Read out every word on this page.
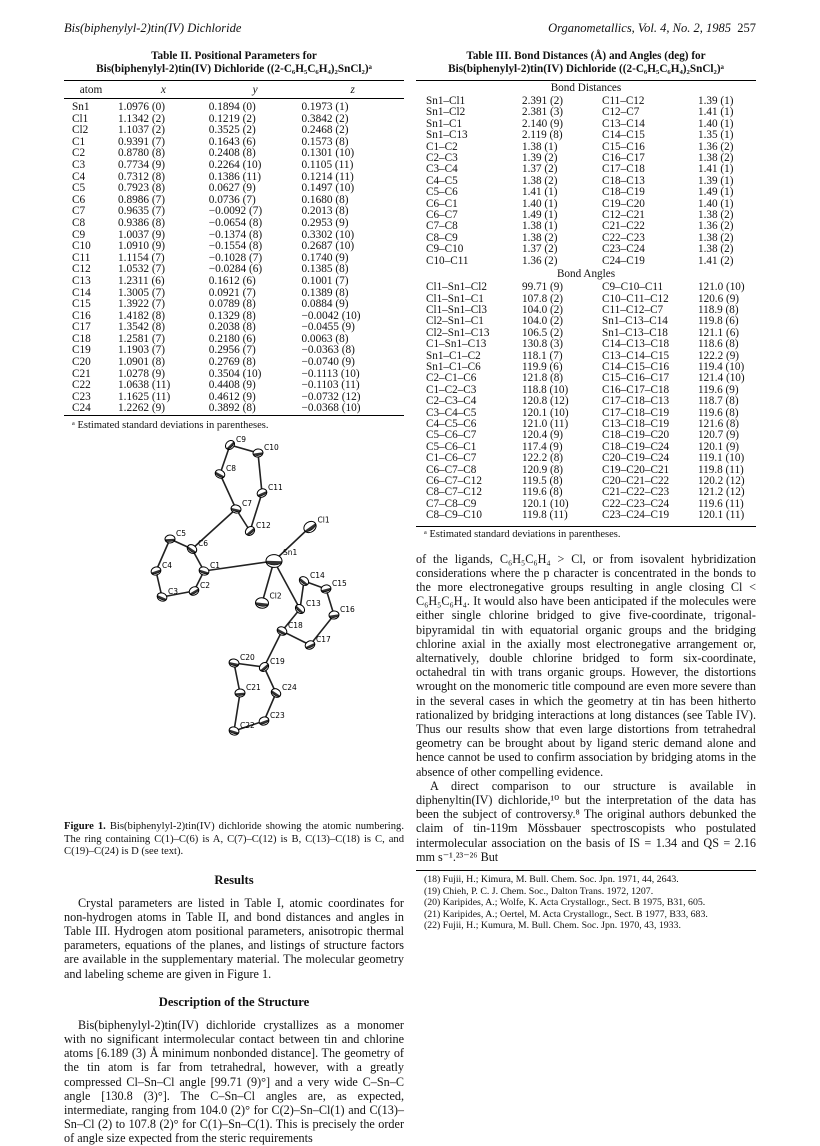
Bis(biphenylyl-2)tin(IV) Dichloride	Organometallics, Vol. 4, No. 2, 1985 257
Table II. Positional Parameters for
Bis(biphenylyl-2)tin(IV) Dichloride ((2-C₆H₅C₆H₄)₂SnCl₂)ᵃ
atom	x	y	z
Sn1	1.0976 (0)	0.1894 (0)	0.1973 (1)
Cl1	1.1342 (2)	0.1219 (2)	0.3842 (2)
Cl2	1.1037 (2)	0.3525 (2)	0.2468 (2)
C1	0.9391 (7)	0.1643 (6)	0.1573 (8)
C2	0.8780 (8)	0.2408 (8)	0.1301 (10)
C3	0.7734 (9)	0.2264 (10)	0.1105 (11)
C4	0.7312 (8)	0.1386 (11)	0.1214 (11)
C5	0.7923 (8)	0.0627 (9)	0.1497 (10)
C6	0.8986 (7)	0.0736 (7)	0.1680 (8)
C7	0.9635 (7)	−0.0092 (7)	0.2013 (8)
C8	0.9386 (8)	−0.0654 (8)	0.2953 (9)
C9	1.0037 (9)	−0.1374 (8)	0.3302 (10)
C10	1.0910 (9)	−0.1554 (8)	0.2687 (10)
C11	1.1154 (7)	−0.1028 (7)	0.1740 (9)
C12	1.0532 (7)	−0.0284 (6)	0.1385 (8)
C13	1.2311 (6)	0.1612 (6)	0.1001 (7)
C14	1.3005 (7)	0.0921 (7)	0.1389 (8)
C15	1.3922 (7)	0.0789 (8)	0.0884 (9)
C16	1.4182 (8)	0.1329 (8)	−0.0042 (10)
C17	1.3542 (8)	0.2038 (8)	−0.0455 (9)
C18	1.2581 (7)	0.2180 (6)	0.0063 (8)
C19	1.1903 (7)	0.2956 (7)	−0.0363 (8)
C20	1.0901 (8)	0.2769 (8)	−0.0740 (9)
C21	1.0278 (9)	0.3504 (10)	−0.1113 (10)
C22	1.0638 (11)	0.4408 (9)	−0.1103 (11)
C23	1.1625 (11)	0.4612 (9)	−0.0732 (12)
C24	1.2262 (9)	0.3892 (8)	−0.0368 (10)

ᵃ Estimated standard deviations in parentheses.
C9
C10
C8
C11
C7
C12
C5
C6
C4	C1
Cl1
Sn1
C14
C15
C3
C2
Cl2
C13
C16
C18
C17
C20 C19
C21	C24
C23
C22
Figure 1. Bis(biphenylyl-2)tin(IV) dichloride showing the atomic numbering. The ring containing C(1)–C(6) is A, C(7)–C(12) is B, C(13)–C(18) is C, and C(19)–C(24) is D (see text).
Results

Crystal parameters are listed in Table I, atomic coordinates for non-hydrogen atoms in Table II, and bond distances and angles in Table III. Hydrogen atom positional parameters, anisotropic thermal parameters, equations of the planes, and listings of structure factors are available in the supplementary material. The molecular geometry and labeling scheme are given in Figure 1.

Description of the Structure

Bis(biphenylyl-2)tin(IV) dichloride crystallizes as a monomer with no significant intermolecular contact between tin and chlorine atoms [6.189 (3) Å minimum nonbonded distance]. The geometry of the tin atom is far from tetrahedral, however, with a greatly compressed Cl–Sn–Cl angle [99.71 (9)°] and a very wide C–Sn–C angle [130.8 (3)°]. The C–Sn–Cl angles are, as expected, intermediate, ranging from 104.0 (2)° for C(2)–Sn–Cl(1) and C(13)–Sn–Cl (2) to 107.8 (2)° for C(1)–Sn–C(1). This is precisely the order of angle size expected from the steric requirements

Table III. Bond Distances (Å) and Angles (deg) for
Bis(biphenylyl-2)tin(IV) Dichloride ((2-C₆H₅C₆H₄)₂SnCl₂)ᵃ
Bond Distances			
Sn1–Cl1	2.391 (2)	C11–C12	1.39 (1)
Sn1–Cl2	2.381 (3)	C12–C7	1.41 (1)
Sn1–C1	2.140 (9)	C13–C14	1.40 (1)
Sn1–C13	2.119 (8)	C14–C15	1.35 (1)
C1–C2	1.38 (1)	C15–C16	1.36 (2)
C2–C3	1.39 (2)	C16–C17	1.38 (2)
C3–C4	1.37 (2)	C17–C18	1.41 (1)
C4–C5	1.38 (2)	C18–C13	1.39 (1)
C5–C6	1.41 (1)	C18–C19	1.49 (1)
C6–C1	1.40 (1)	C19–C20	1.40 (1)
C6–C7	1.49 (1)	C12–C21	1.38 (2)
C7–C8	1.38 (1)	C21–C22	1.36 (2)
C8–C9	1.38 (2)	C22–C23	1.38 (2)
C9–C10	1.37 (2)	C23–C24	1.38 (2)
C10–C11	1.36 (2)	C24–C19	1.41 (2)
Bond Angles			
Cl1–Sn1–Cl2	99.71 (9)	C9–C10–C11	121.0 (10)
Cl1–Sn1–C1	107.8 (2)	C10–C11–C12	120.6 (9)
Cl1–Sn1–Cl3	104.0 (2)	C11–C12–C7	118.9 (8)
Cl2–Sn1–C1	104.0 (2)	Sn1–C13–C14	119.8 (6)
Cl2–Sn1–C13	106.5 (2)	Sn1–C13–C18	121.1 (6)
C1–Sn1–C13	130.8 (3)	C14–C13–C18	118.6 (8)
Sn1–C1–C2	118.1 (7)	C13–C14–C15	122.2 (9)
Sn1–C1–C6	119.9 (6)	C14–C15–C16	119.4 (10)
C2–C1–C6	121.8 (8)	C15–C16–C17	121.4 (10)
C1–C2–C3	118.8 (10)	C16–C17–C18	119.6 (9)
C2–C3–C4	120.8 (12)	C17–C18–C13	118.7 (8)
C3–C4–C5	120.1 (10)	C17–C18–C19	119.6 (8)
C4–C5–C6	121.0 (11)	C13–C18–C19	121.6 (8)
C5–C6–C7	120.4 (9)	C18–C19–C20	120.7 (9)
C5–C6–C1	117.4 (9)	C18–C19–C24	120.1 (9)
C1–C6–C7	122.2 (8)	C20–C19–C24	119.1 (10)
C6–C7–C8	120.9 (8)	C19–C20–C21	119.8 (11)
C6–C7–C12	119.5 (8)	C20–C21–C22	120.2 (12)
C8–C7–C12	119.6 (8)	C21–C22–C23	121.2 (12)
C7–C8–C9	120.1 (10)	C22–C23–C24	119.6 (11)
C8–C9–C10	119.8 (11)	C23–C24–C19	120.1 (11)

ᵃ Estimated standard deviations in parentheses.

of the ligands, C₆H₅C₆H₄ > Cl, or from isovalent hybridization considerations where the p character is concentrated in the bonds to the more electronegative groups resulting in angle closing Cl < C₆H₅C₆H₄. It would also have been anticipated if the molecules were either single chlorine bridged to give five-coordinate, trigonal-bipyramidal tin with equatorial organic groups and the bridging chlorine axial in the axially most electronegative arrangement or, alternatively, double chlorine bridged to form six-coordinate, octahedral tin with trans organic groups. However, the distortions wrought on the monomeric title compound are even more severe than in the several cases in which the geometry at tin has been hitherto rationalized by bridging interactions at long distances (see Table IV). Thus our results show that even large distortions from tetrahedral geometry can be brought about by ligand steric demand alone and hence cannot be used to confirm association by bridging atoms in the absence of other compelling evidence.

A direct comparison to our structure is available in diphenyltin(IV) dichloride,¹⁰ but the interpretation of the data has been the subject of controversy.⁸ The original authors debunked the claim of tin-119m Mössbauer spectroscopists who postulated intermolecular association on the basis of IS = 1.34 and QS = 2.16 mm s⁻¹.²³⁻²⁶ But

(18) Fujii, H.; Kimura, M. Bull. Chem. Soc. Jpn. 1971, 44, 2643.
(19) Chieh, P. C. J. Chem. Soc., Dalton Trans. 1972, 1207.
(20) Karipides, A.; Wolfe, K. Acta Crystallogr., Sect. B 1975, B31, 605.
(21) Karipides, A.; Oertel, M. Acta Crystallogr., Sect. B 1977, B33, 683.
(22) Fujii, H.; Kumura, M. Bull. Chem. Soc. Jpn. 1970, 43, 1933.
